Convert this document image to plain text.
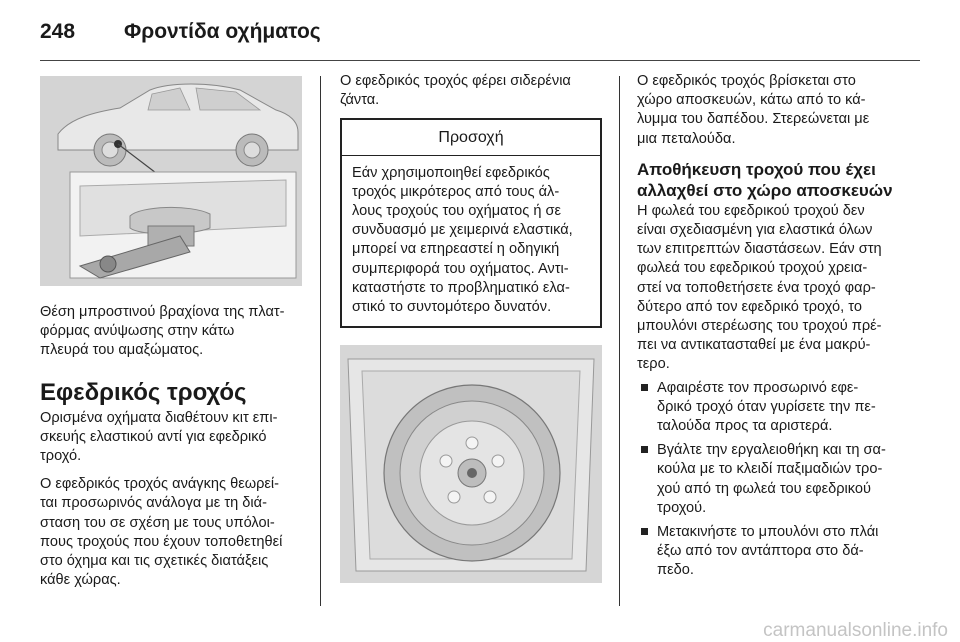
248 Φροντίδα οχήματος

Θέση μπροστινού βραχίονα της πλατ-
φόρμας ανύψωσης στην κάτω
πλευρά του αμαξώματος.

Εφεδρικός τροχός

Ορισμένα οχήματα διαθέτουν κιτ επι-
σκευής ελαστικού αντί για εφεδρικό
τροχό.

Ο εφεδρικός τροχός ανάγκης θεωρεί-
ται προσωρινός ανάλογα με τη διά-
σταση του σε σχέση με τους υπόλοι-
πους τροχούς που έχουν τοποθετηθεί
στο όχημα και τις σχετικές διατάξεις
κάθε χώρας.

Ο εφεδρικός τροχός φέρει σιδερένια
ζάντα.

Προσοχή
Εάν χρησιμοποιηθεί εφεδρικός
τροχός μικρότερος από τους άλ-
λους τροχούς του οχήματος ή σε
συνδυασμό με χειμερινά ελαστικά,
μπορεί να επηρεαστεί η οδηγική
συμπεριφορά του οχήματος. Αντι-
καταστήστε το προβληματικό ελα-
στικό το συντομότερο δυνατόν.

Ο εφεδρικός τροχός βρίσκεται στο
χώρο αποσκευών, κάτω από το κά-
λυμμα του δαπέδου. Στερεώνεται με
μια πεταλούδα.

Αποθήκευση τροχού που έχει
αλλαχθεί στο χώρο αποσκευών

Η φωλεά του εφεδρικού τροχού δεν
είναι σχεδιασμένη για ελαστικά όλων
των επιτρεπτών διαστάσεων. Εάν στη
φωλεά του εφεδρικού τροχού χρεια-
στεί να τοποθετήσετε ένα τροχό φαρ-
δύτερο από τον εφεδρικό τροχό, το
μπουλόνι στερέωσης του τροχού πρέ-
πει να αντικατασταθεί με ένα μακρύ-
τερο.

Αφαιρέστε τον προσωρινό εφε-
δρικό τροχό όταν γυρίσετε την πε-
ταλούδα προς τα αριστερά.
Βγάλτε την εργαλειοθήκη και τη σα-
κούλα με το κλειδί παξιμαδιών τρο-
χού από τη φωλεά του εφεδρικού
τροχού.
Μετακινήστε το μπουλόνι στο πλάι
έξω από τον αντάπτορα στο δά-
πεδο.
carmanualsonline.info
